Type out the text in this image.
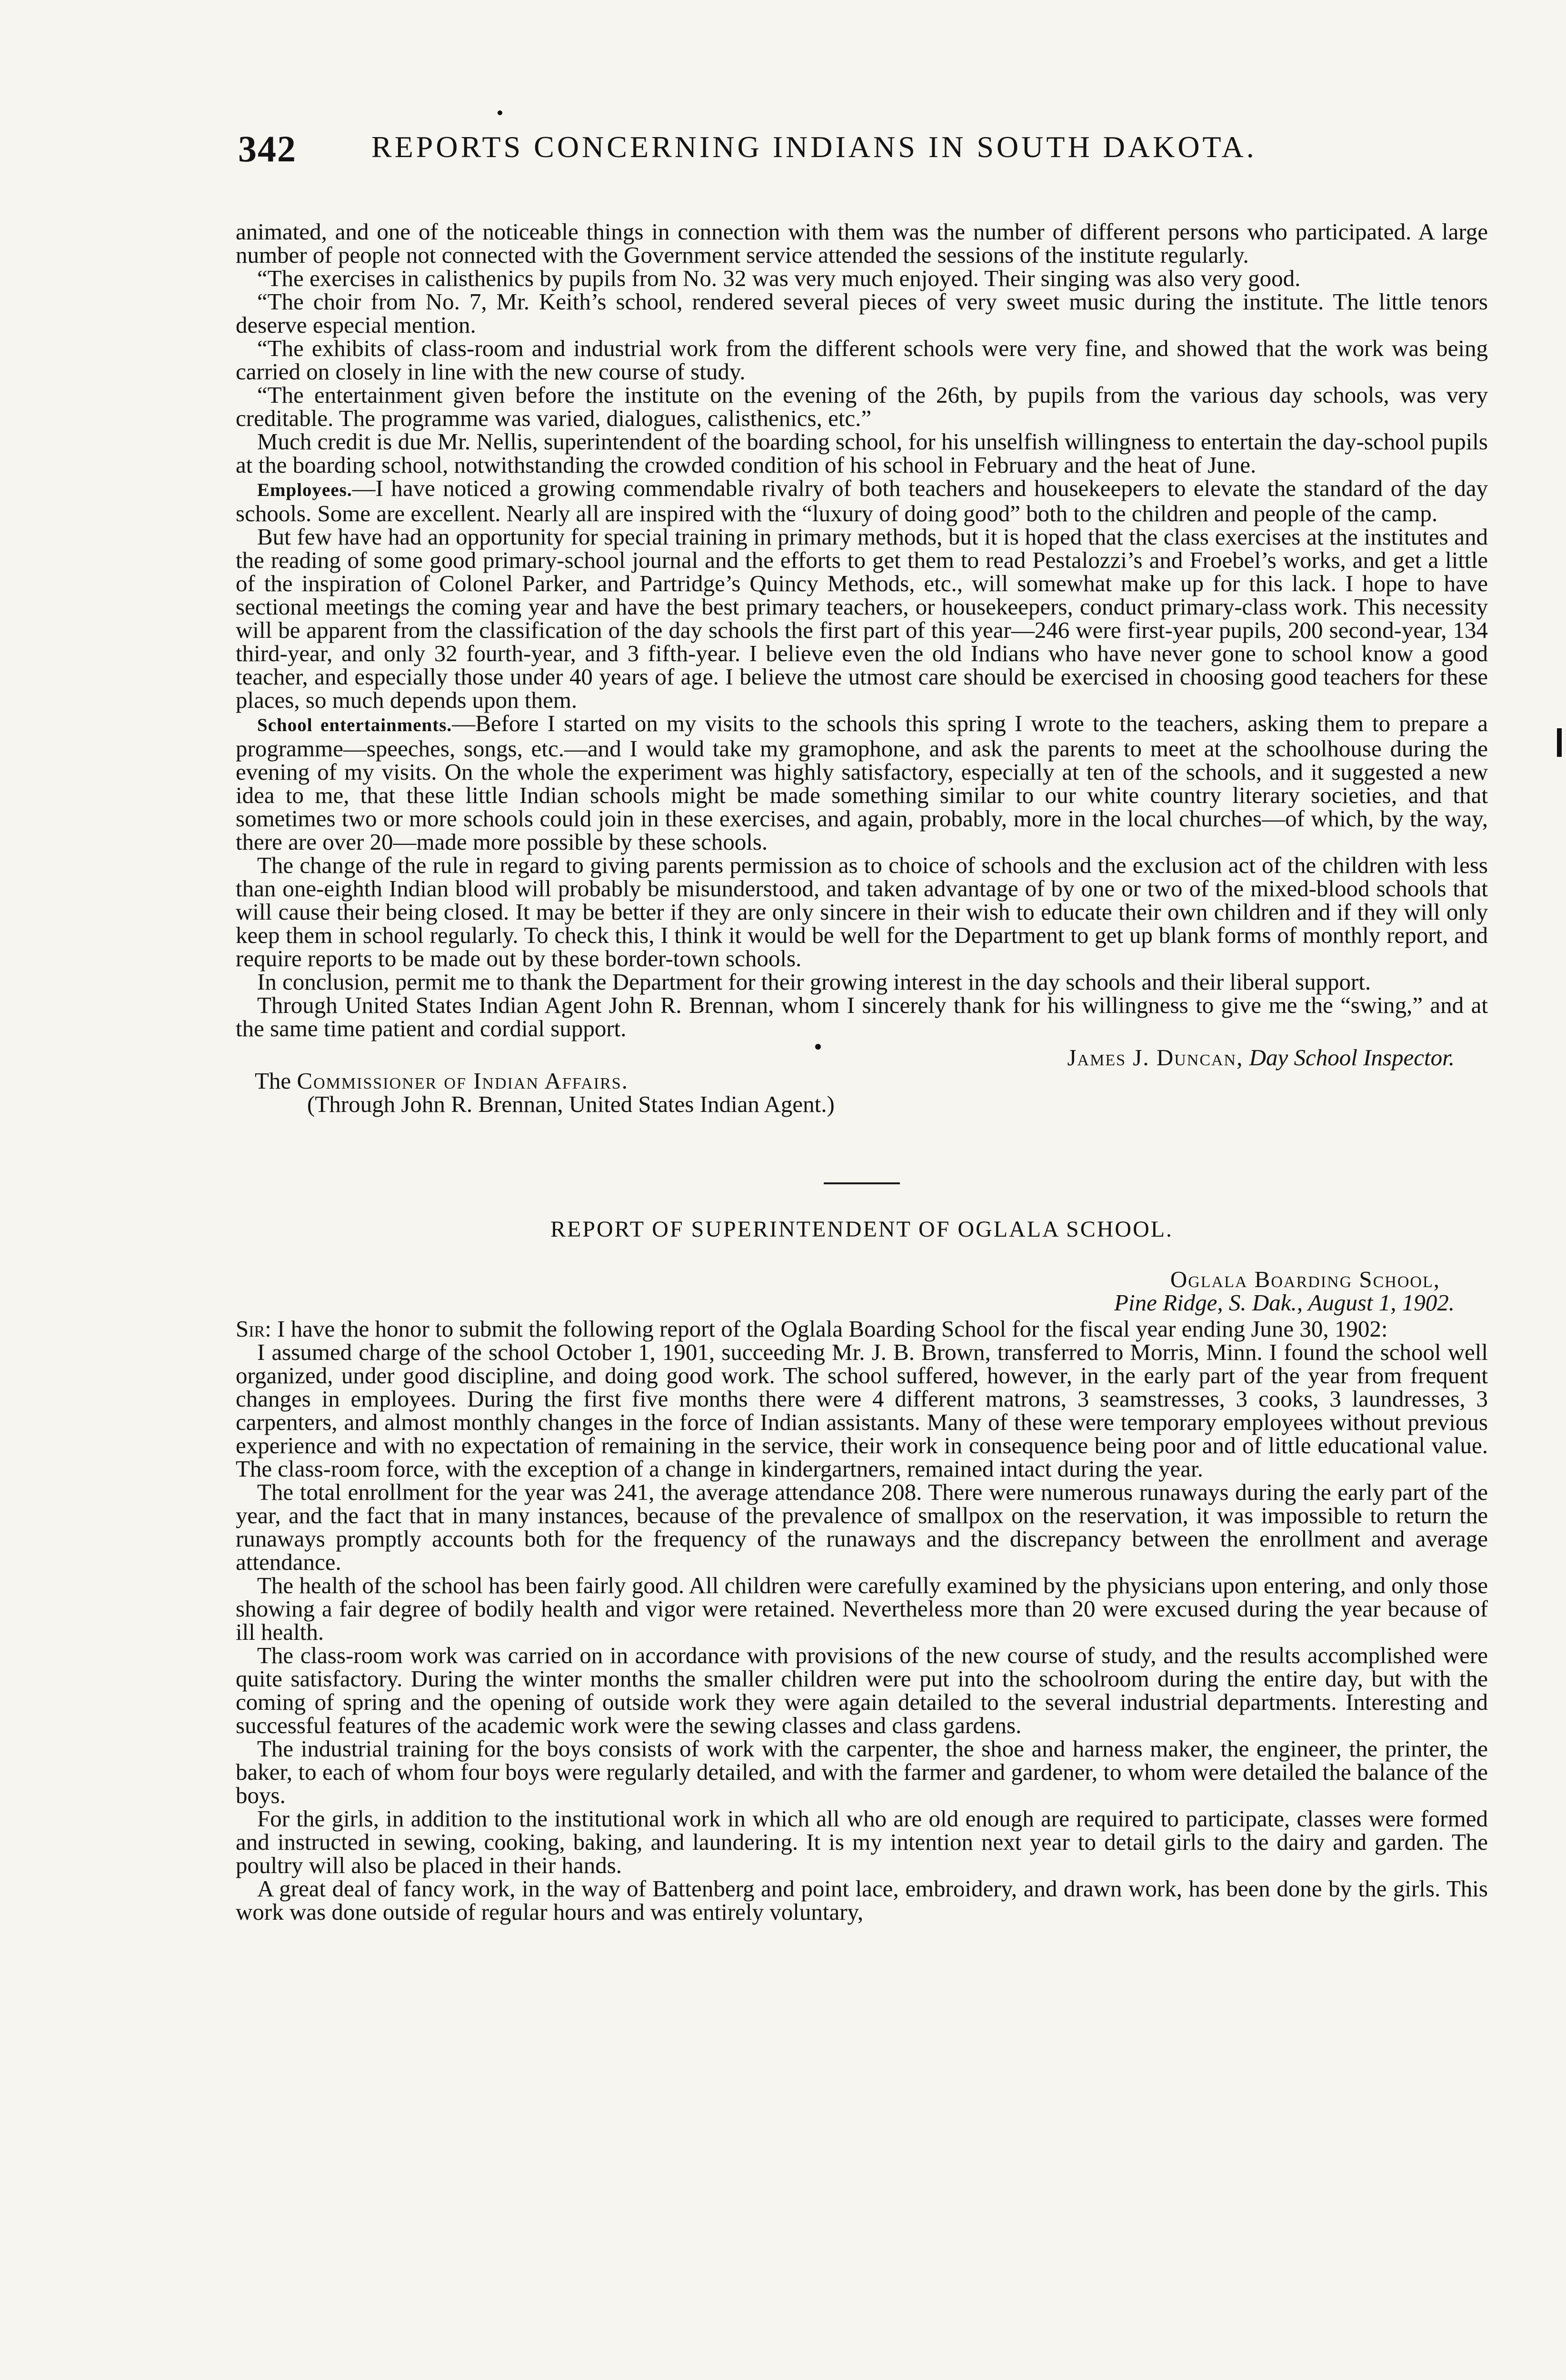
342 REPORTS CONCERNING INDIANS IN SOUTH DAKOTA.

animated, and one of the noticeable things in connection with them was the number of different persons who participated. A large number of people not connected with the Government service attended the sessions of the institute regularly.

“The exercises in calisthenics by pupils from No. 32 was very much enjoyed. Their singing was also very good.

“The choir from No. 7, Mr. Keith’s school, rendered several pieces of very sweet music during the institute. The little tenors deserve especial mention.

“The exhibits of class-room and industrial work from the different schools were very fine, and showed that the work was being carried on closely in line with the new course of study.

“The entertainment given before the institute on the evening of the 26th, by pupils from the various day schools, was very creditable. The programme was varied, dialogues, calisthenics, etc.”

Much credit is due Mr. Nellis, superintendent of the boarding school, for his unselfish willingness to entertain the day-school pupils at the boarding school, notwithstanding the crowded condition of his school in February and the heat of June.

Employees.—I have noticed a growing commendable rivalry of both teachers and housekeepers to elevate the standard of the day schools. Some are excellent. Nearly all are inspired with the “luxury of doing good” both to the children and people of the camp.

But few have had an opportunity for special training in primary methods, but it is hoped that the class exercises at the institutes and the reading of some good primary-school journal and the efforts to get them to read Pestalozzi’s and Froebel’s works, and get a little of the inspiration of Colonel Parker, and Partridge’s Quincy Methods, etc., will somewhat make up for this lack. I hope to have sectional meetings the coming year and have the best primary teachers, or housekeepers, conduct primary-class work. This necessity will be apparent from the classification of the day schools the first part of this year—246 were first-year pupils, 200 second-year, 134 third-year, and only 32 fourth-year, and 3 fifth-year. I believe even the old Indians who have never gone to school know a good teacher, and especially those under 40 years of age. I believe the utmost care should be exercised in choosing good teachers for these places, so much depends upon them.

School entertainments.—Before I started on my visits to the schools this spring I wrote to the teachers, asking them to prepare a programme—speeches, songs, etc.—and I would take my gramophone, and ask the parents to meet at the schoolhouse during the evening of my visits. On the whole the experiment was highly satisfactory, especially at ten of the schools, and it suggested a new idea to me, that these little Indian schools might be made something similar to our white country literary societies, and that sometimes two or more schools could join in these exercises, and again, probably, more in the local churches—of which, by the way, there are over 20—made more possible by these schools.

The change of the rule in regard to giving parents permission as to choice of schools and the exclusion act of the children with less than one-eighth Indian blood will probably be misunderstood, and taken advantage of by one or two of the mixed-blood schools that will cause their being closed. It may be better if they are only sincere in their wish to educate their own children and if they will only keep them in school regularly. To check this, I think it would be well for the Department to get up blank forms of monthly report, and require reports to be made out by these border-town schools.

In conclusion, permit me to thank the Department for their growing interest in the day schools and their liberal support.

Through United States Indian Agent John R. Brennan, whom I sincerely thank for his willingness to give me the “swing,” and at the same time patient and cordial support.

James J. Duncan, Day School Inspector.

The Commissioner of Indian Affairs.

(Through John R. Brennan, United States Indian Agent.)

REPORT OF SUPERINTENDENT OF OGLALA SCHOOL.

Oglala Boarding School,

Pine Ridge, S. Dak., August 1, 1902.

Sir: I have the honor to submit the following report of the Oglala Boarding School for the fiscal year ending June 30, 1902:

I assumed charge of the school October 1, 1901, succeeding Mr. J. B. Brown, transferred to Morris, Minn. I found the school well organized, under good discipline, and doing good work. The school suffered, however, in the early part of the year from frequent changes in employees. During the first five months there were 4 different matrons, 3 seamstresses, 3 cooks, 3 laundresses, 3 carpenters, and almost monthly changes in the force of Indian assistants. Many of these were temporary employees without previous experience and with no expectation of remaining in the service, their work in consequence being poor and of little educational value. The class-room force, with the exception of a change in kindergartners, remained intact during the year.

The total enrollment for the year was 241, the average attendance 208. There were numerous runaways during the early part of the year, and the fact that in many instances, because of the prevalence of smallpox on the reservation, it was impossible to return the runaways promptly accounts both for the frequency of the runaways and the discrepancy between the enrollment and average attendance.

The health of the school has been fairly good. All children were carefully examined by the physicians upon entering, and only those showing a fair degree of bodily health and vigor were retained. Nevertheless more than 20 were excused during the year because of ill health.

The class-room work was carried on in accordance with provisions of the new course of study, and the results accomplished were quite satisfactory. During the winter months the smaller children were put into the schoolroom during the entire day, but with the coming of spring and the opening of outside work they were again detailed to the several industrial departments. Interesting and successful features of the academic work were the sewing classes and class gardens.

The industrial training for the boys consists of work with the carpenter, the shoe and harness maker, the engineer, the printer, the baker, to each of whom four boys were regularly detailed, and with the farmer and gardener, to whom were detailed the balance of the boys.

For the girls, in addition to the institutional work in which all who are old enough are required to participate, classes were formed and instructed in sewing, cooking, baking, and laundering. It is my intention next year to detail girls to the dairy and garden. The poultry will also be placed in their hands.

A great deal of fancy work, in the way of Battenberg and point lace, embroidery, and drawn work, has been done by the girls. This work was done outside of regular hours and was entirely voluntary,
